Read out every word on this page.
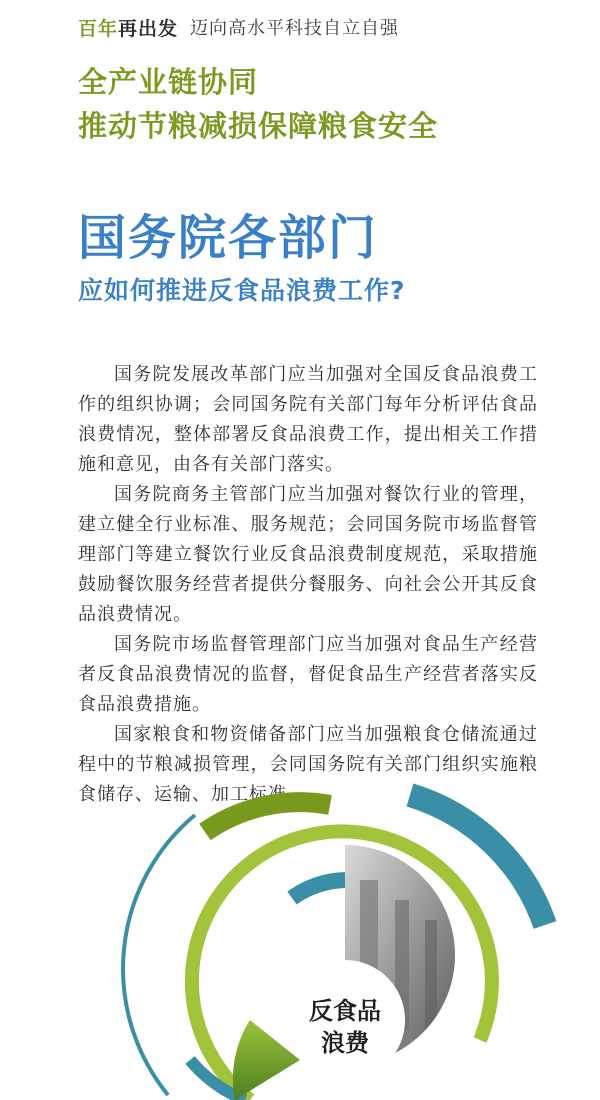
百年再出发 迈向高水平科技自立自强
全产业链协同
推动节粮减损保障粮食安全
国务院各部门
应如何推进反食品浪费工作?

国务院发展改革部门应当加强对全国反食品浪费工作的组织协调；会同国务院有关部门每年分析评估食品浪费情况，整体部署反食品浪费工作，提出相关工作措施和意见，由各有关部门落实。

国务院商务主管部门应当加强对餐饮行业的管理，建立健全行业标准、服务规范；会同国务院市场监督管理部门等建立餐饮行业反食品浪费制度规范，采取措施鼓励餐饮服务经营者提供分餐服务、向社会公开其反食品浪费情况。

国务院市场监督管理部门应当加强对食品生产经营者反食品浪费情况的监督，督促食品生产经营者落实反食品浪费措施。

国家粮食和物资储备部门应当加强粮食仓储流通过程中的节粮减损管理，会同国务院有关部门组织实施粮食储存、运输、加工标准。

反食品
浪费
